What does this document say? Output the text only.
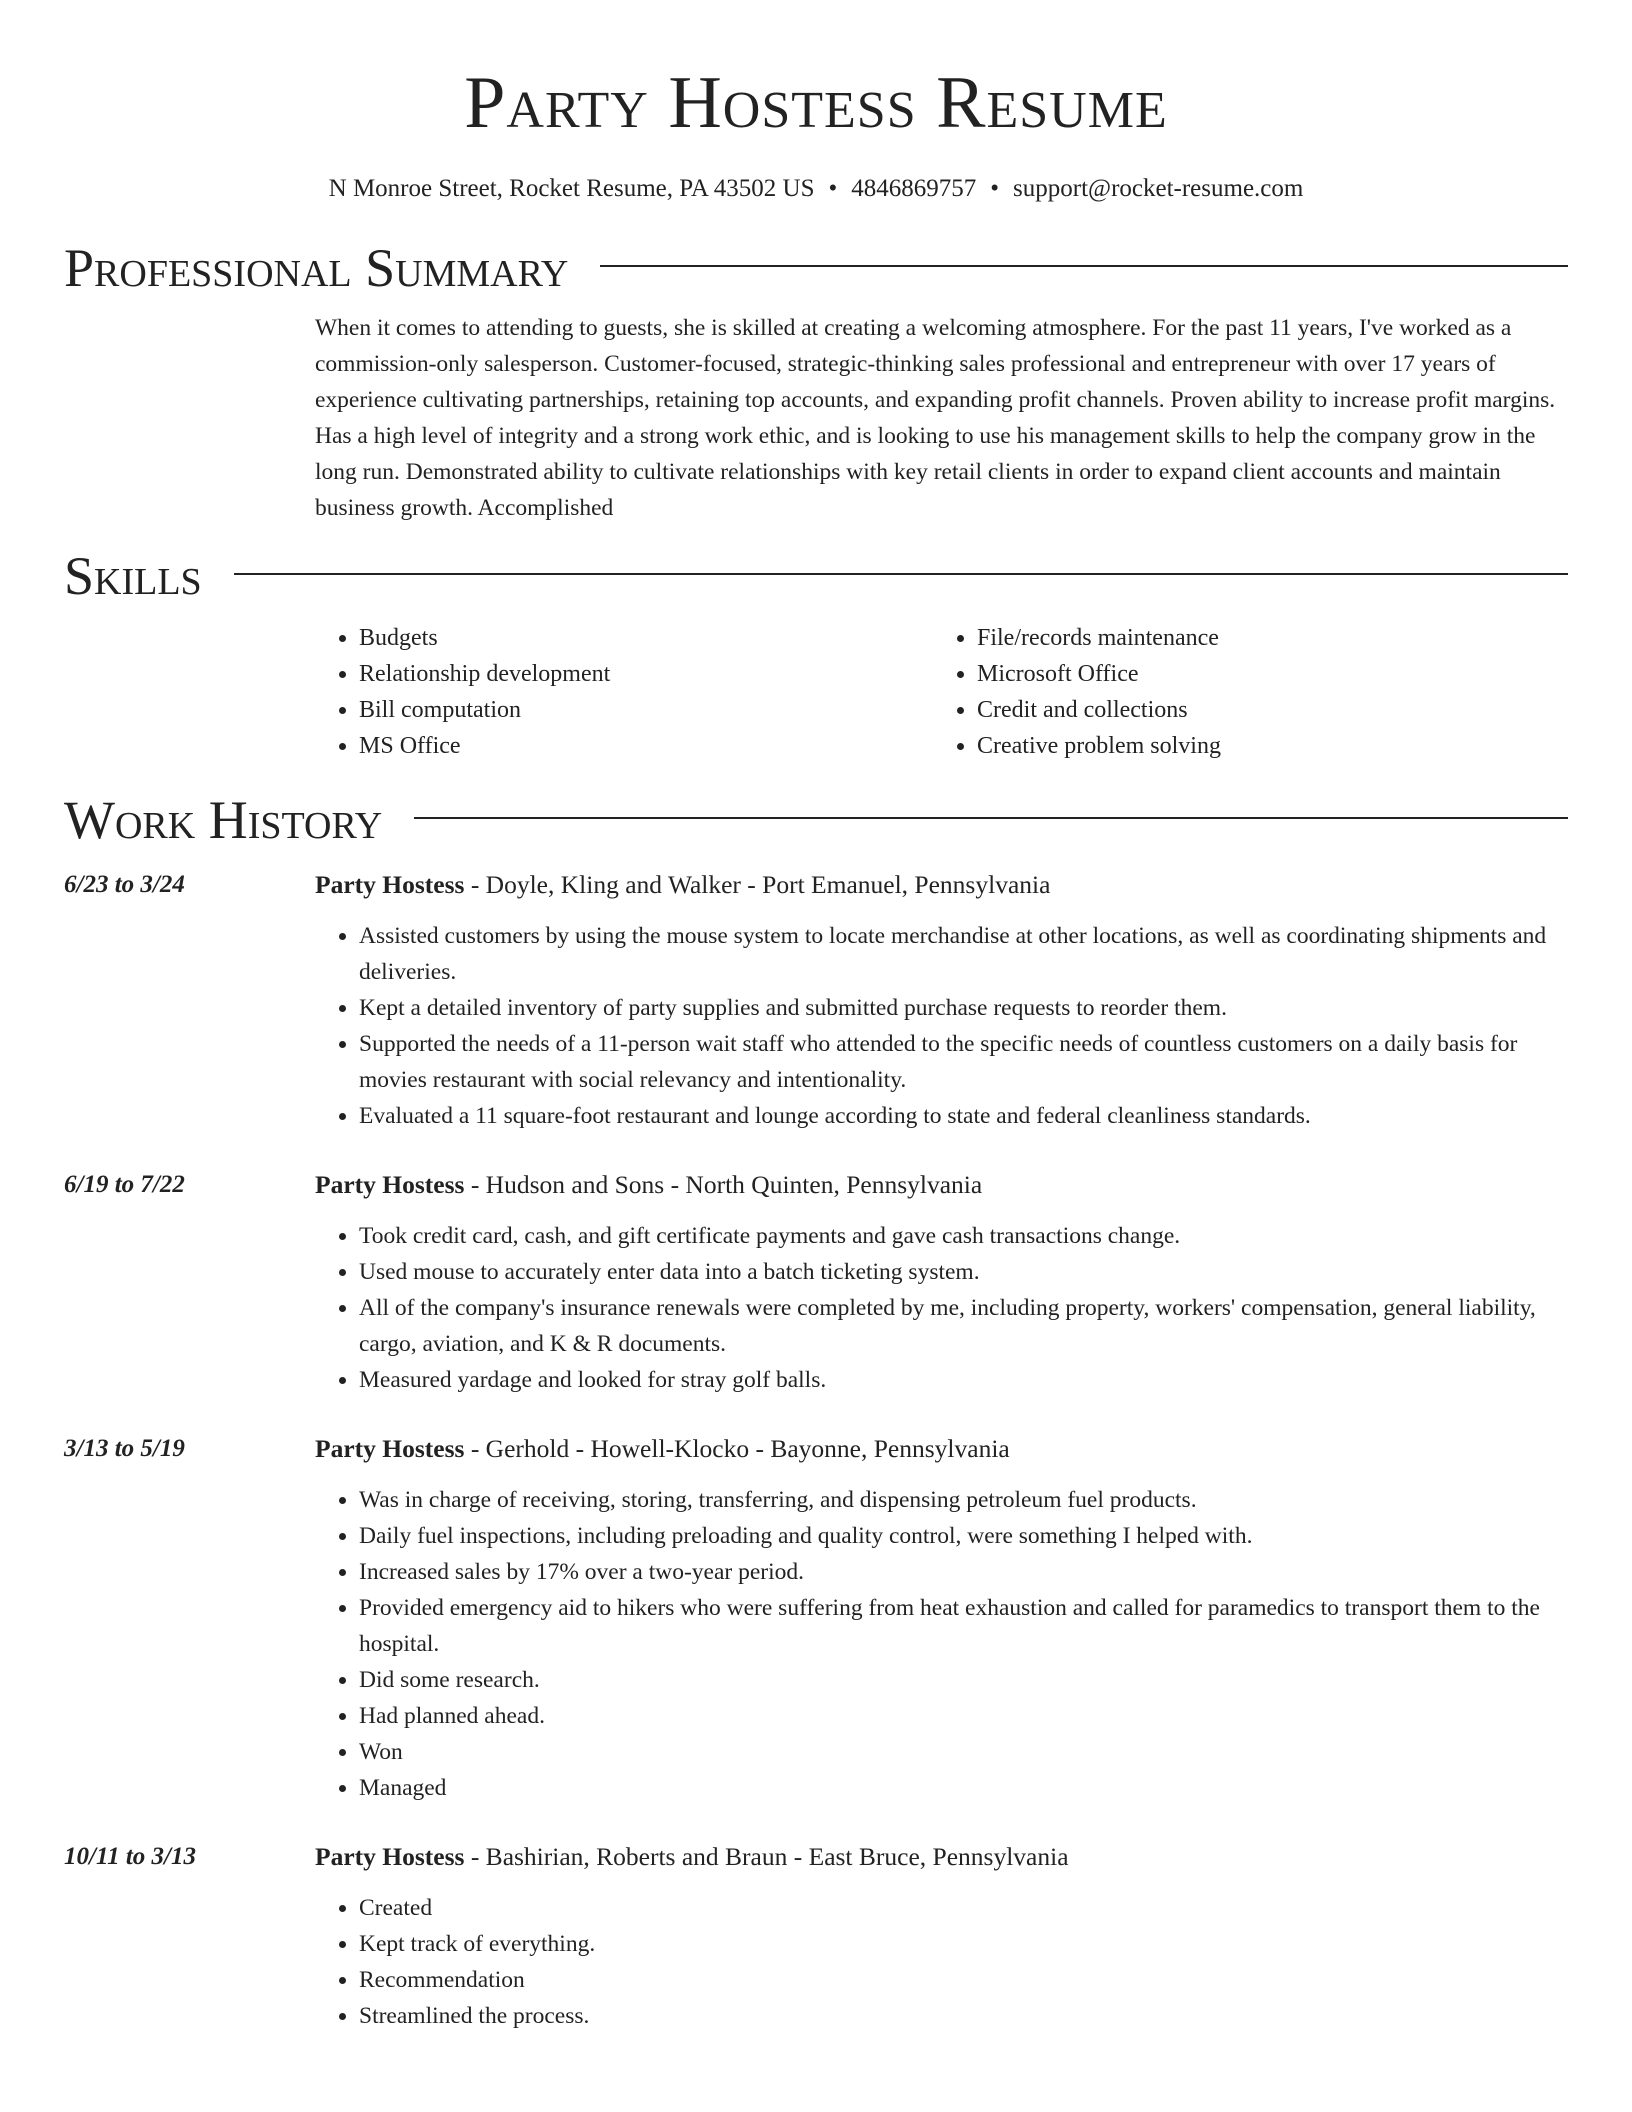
Party Hostess Resume
N Monroe Street, Rocket Resume, PA 43502 US • 4846869757 • support@rocket-resume.com
Professional Summary
When it comes to attending to guests, she is skilled at creating a welcoming atmosphere. For the past 11 years, I've worked as a commission-only salesperson. Customer-focused, strategic-thinking sales professional and entrepreneur with over 17 years of experience cultivating partnerships, retaining top accounts, and expanding profit channels. Proven ability to increase profit margins. Has a high level of integrity and a strong work ethic, and is looking to use his management skills to help the company grow in the long run. Demonstrated ability to cultivate relationships with key retail clients in order to expand client accounts and maintain business growth. Accomplished
Skills
• Budgets
• Relationship development
• Bill computation
• MS Office
• File/records maintenance
• Microsoft Office
• Credit and collections
• Creative problem solving
Work History
6/23 to 3/24	Party Hostess - Doyle, Kling and Walker - Port Emanuel, Pennsylvania
• Assisted customers by using the mouse system to locate merchandise at other locations, as well as coordinating shipments and deliveries.
• Kept a detailed inventory of party supplies and submitted purchase requests to reorder them.
• Supported the needs of a 11-person wait staff who attended to the specific needs of countless customers on a daily basis for movies restaurant with social relevancy and intentionality.
• Evaluated a 11 square-foot restaurant and lounge according to state and federal cleanliness standards.
6/19 to 7/22	Party Hostess - Hudson and Sons - North Quinten, Pennsylvania
• Took credit card, cash, and gift certificate payments and gave cash transactions change.
• Used mouse to accurately enter data into a batch ticketing system.
• All of the company's insurance renewals were completed by me, including property, workers' compensation, general liability, cargo, aviation, and K & R documents.
• Measured yardage and looked for stray golf balls.
3/13 to 5/19	Party Hostess - Gerhold - Howell-Klocko - Bayonne, Pennsylvania
• Was in charge of receiving, storing, transferring, and dispensing petroleum fuel products.
• Daily fuel inspections, including preloading and quality control, were something I helped with.
• Increased sales by 17% over a two-year period.
• Provided emergency aid to hikers who were suffering from heat exhaustion and called for paramedics to transport them to the hospital.
• Did some research.
• Had planned ahead.
• Won
• Managed
10/11 to 3/13	Party Hostess - Bashirian, Roberts and Braun - East Bruce, Pennsylvania
• Created
• Kept track of everything.
• Recommendation
• Streamlined the process.
